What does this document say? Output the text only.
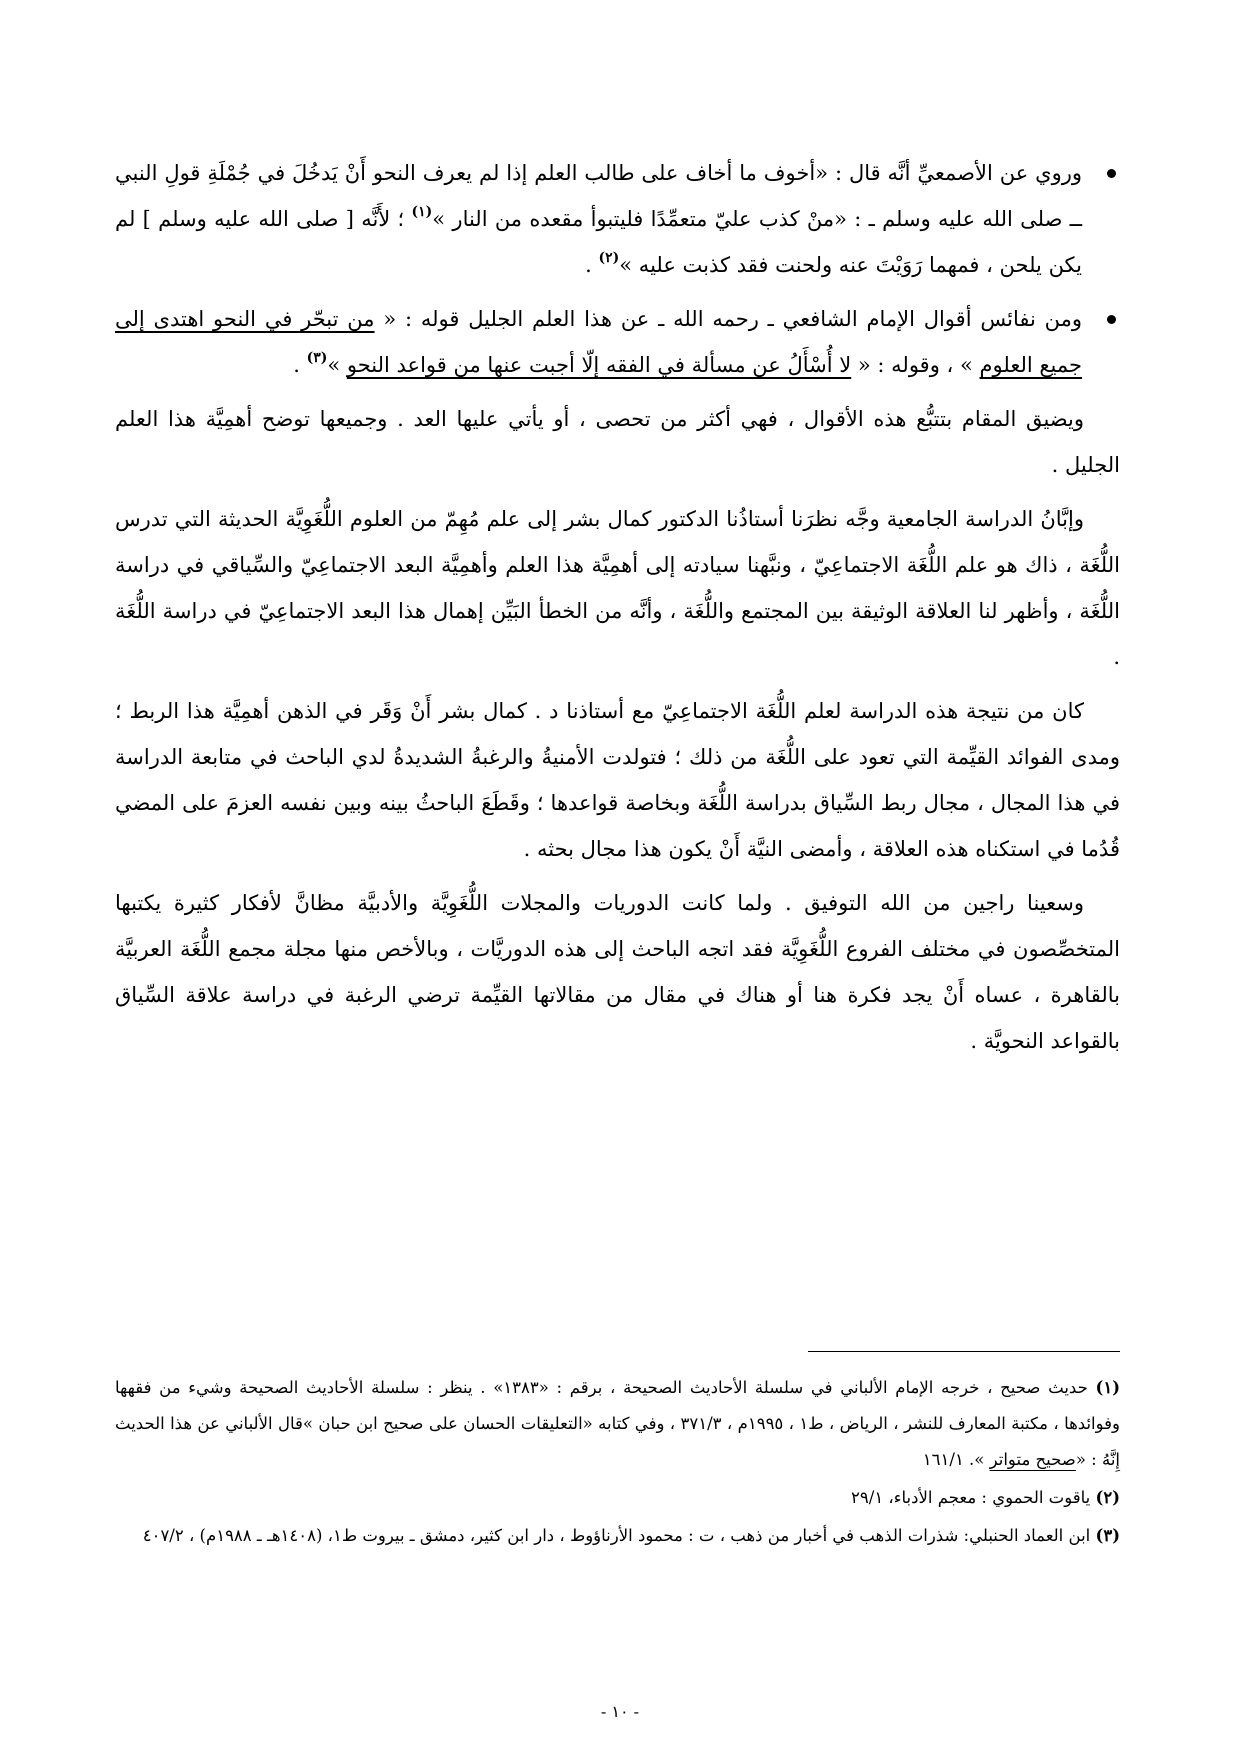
وروي عن الأصمعيِّ أنَّه قال : «أخوف ما أخاف على طالب العلم إذا لم يعرف النحو أَنْ يَدخُلَ في جُمْلَةِ قولِ النبي ــ صلى الله عليه وسلم ـ : «منْ كذب عليّ متعمِّدًا فليتبوأ مقعده من النار »$^{(١)}$ ؛ لأَنَّه [ صلى الله عليه وسلم ] لم يكن يلحن ، فمهما رَوَيْتَ عنه ولحنت فقد كذبت عليه »$^{(٢)}$ .
ومن نفائس أقوال الإمام الشافعي ـ رحمه الله ـ عن هذا العلم الجليل قوله : « من تبحّر في النحو اهتدى إلى جميع العلوم » ، وقوله : « لا أُسْأَلُ عن مسألة في الفقه إلّا أجبت عنها من قواعد النحو »$^{(٣)}$ .

ويضيق المقام بتتبُّع هذه الأقوال ، فهي أكثر من تحصى ، أو يأتي عليها العد . وجميعها توضح أهمِيَّة هذا العلم الجليل .

وإبَّانُ الدراسة الجامعية وجَّه نظرَنا أستاذُنا الدكتور كمال بشر إلى علم مُهِمّ من العلوم اللُّغَوِيَّة الحديثة التي تدرس اللُّغَة ، ذاك هو علم اللُّغَة الاجتماعِيّ ، ونبَّهنا سيادته إلى أهمِيَّة هذا العلم وأهمِيَّة البعد الاجتماعِيّ والسِّياقي في دراسة اللُّغَة ، وأظهر لنا العلاقة الوثيقة بين المجتمع واللُّغَة ، وأنَّه من الخطأ البَيِّن إهمال هذا البعد الاجتماعِيّ في دراسة اللُّغَة .

كان من نتيجة هذه الدراسة لعلم اللُّغَة الاجتماعِيّ مع أستاذنا د . كمال بشر أَنْ وَقَر في الذهن أهمِيَّة هذا الربط ؛ ومدى الفوائد القيِّمة التي تعود على اللُّغَة من ذلك ؛ فتولدت الأمنيةُ والرغبةُ الشديدةُ لدي الباحث في متابعة الدراسة في هذا المجال ، مجال ربط السِّياق بدراسة اللُّغَة وبخاصة قواعدها ؛ وقَطَعَ الباحثُ بينه وبين نفسه العزمَ على المضي قُدُما في استكناه هذه العلاقة ، وأمضى النيَّة أَنْ يكون هذا مجال بحثه .

وسعينا راجين من الله التوفيق . ولما كانت الدوريات والمجلات اللُّغَوِيَّة والأدبيَّة مظانَّ لأفكار كثيرة يكتبها المتخصِّصون في مختلف الفروع اللُّغَوِيَّة فقد اتجه الباحث إلى هذه الدوريَّات ، وبالأخص منها مجلة مجمع اللُّغَة العربيَّة بالقاهرة ، عساه أَنْ يجد فكرة هنا أو هناك في مقال من مقالاتها القيِّمة ترضي الرغبة في دراسة علاقة السِّياق بالقواعد النحويَّة .

(١) حديث صحيح ، خرجه الإمام الألباني في سلسلة الأحاديث الصحيحة ، برقم : «١٣٨٣» . ينظر : سلسلة الأحاديث الصحيحة وشيء من فقهها وفوائدها ، مكتبة المعارف للنشر ، الرياض ، ط١ ، ١٩٩٥م ، ٣٧١/٣ ، وفي كتابه «التعليقات الحسان على صحيح ابن حبان »قال الألباني عن هذا الحديث إِنَّهُ : «صحيح متواتر ». ١٦١/١

(٢) ياقوت الحموي : معجم الأدباء، ٢٩/١

(٣) ابن العماد الحنبلي: شذرات الذهب في أخبار من ذهب ، ت : محمود الأرناؤوط ، دار ابن كثير، دمشق ـ بيروت ط١، (١٤٠٨هـ ـ ١٩٨٨م) ، ٤٠٧/٢

- ١٠ -
